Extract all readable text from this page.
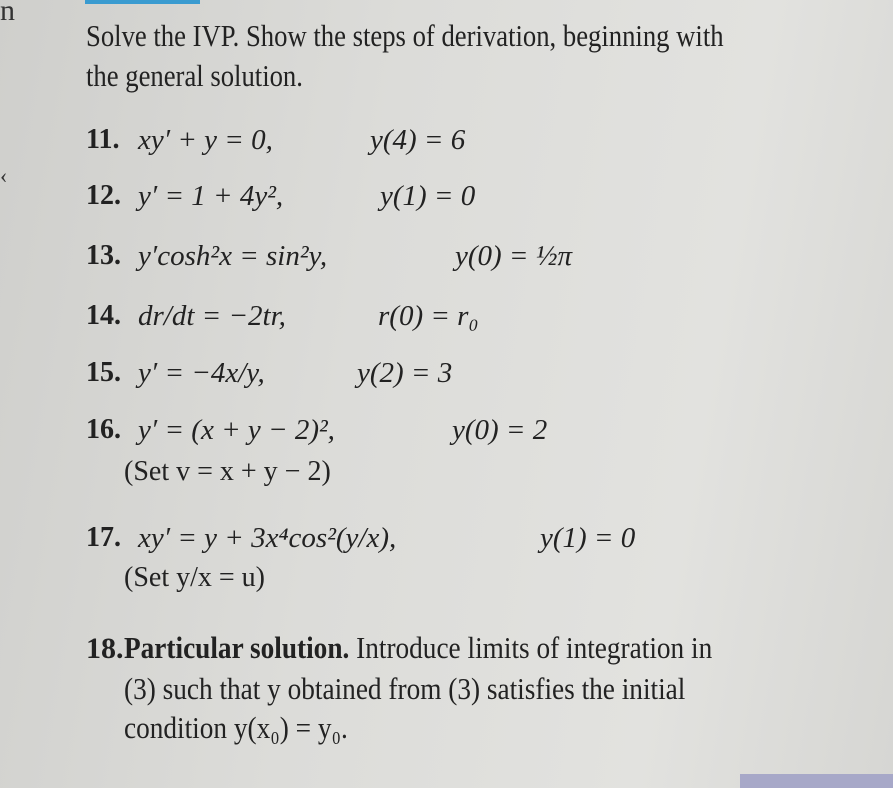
n
‹
Solve the IVP. Show the steps of derivation, beginning with
the general solution.
11. xy′ + y = 0,	y(4) = 6
12. y′ = 1 + 4y²,	y(1) = 0
13. y′cosh²x = sin²y,	y(0) = ½π
14. dr/dt = −2tr,	r(0) = r₀
15. y′ = −4x/y,	y(2) = 3
16. y′ = (x + y − 2)²,	y(0) = 2
(Set v = x + y − 2)
17. xy′ = y + 3x⁴cos²(y/x),	y(1) = 0
(Set y/x = u)
18. Particular solution. Introduce limits of integration in
(3) such that y obtained from (3) satisfies the initial
condition y(x₀) = y₀.
